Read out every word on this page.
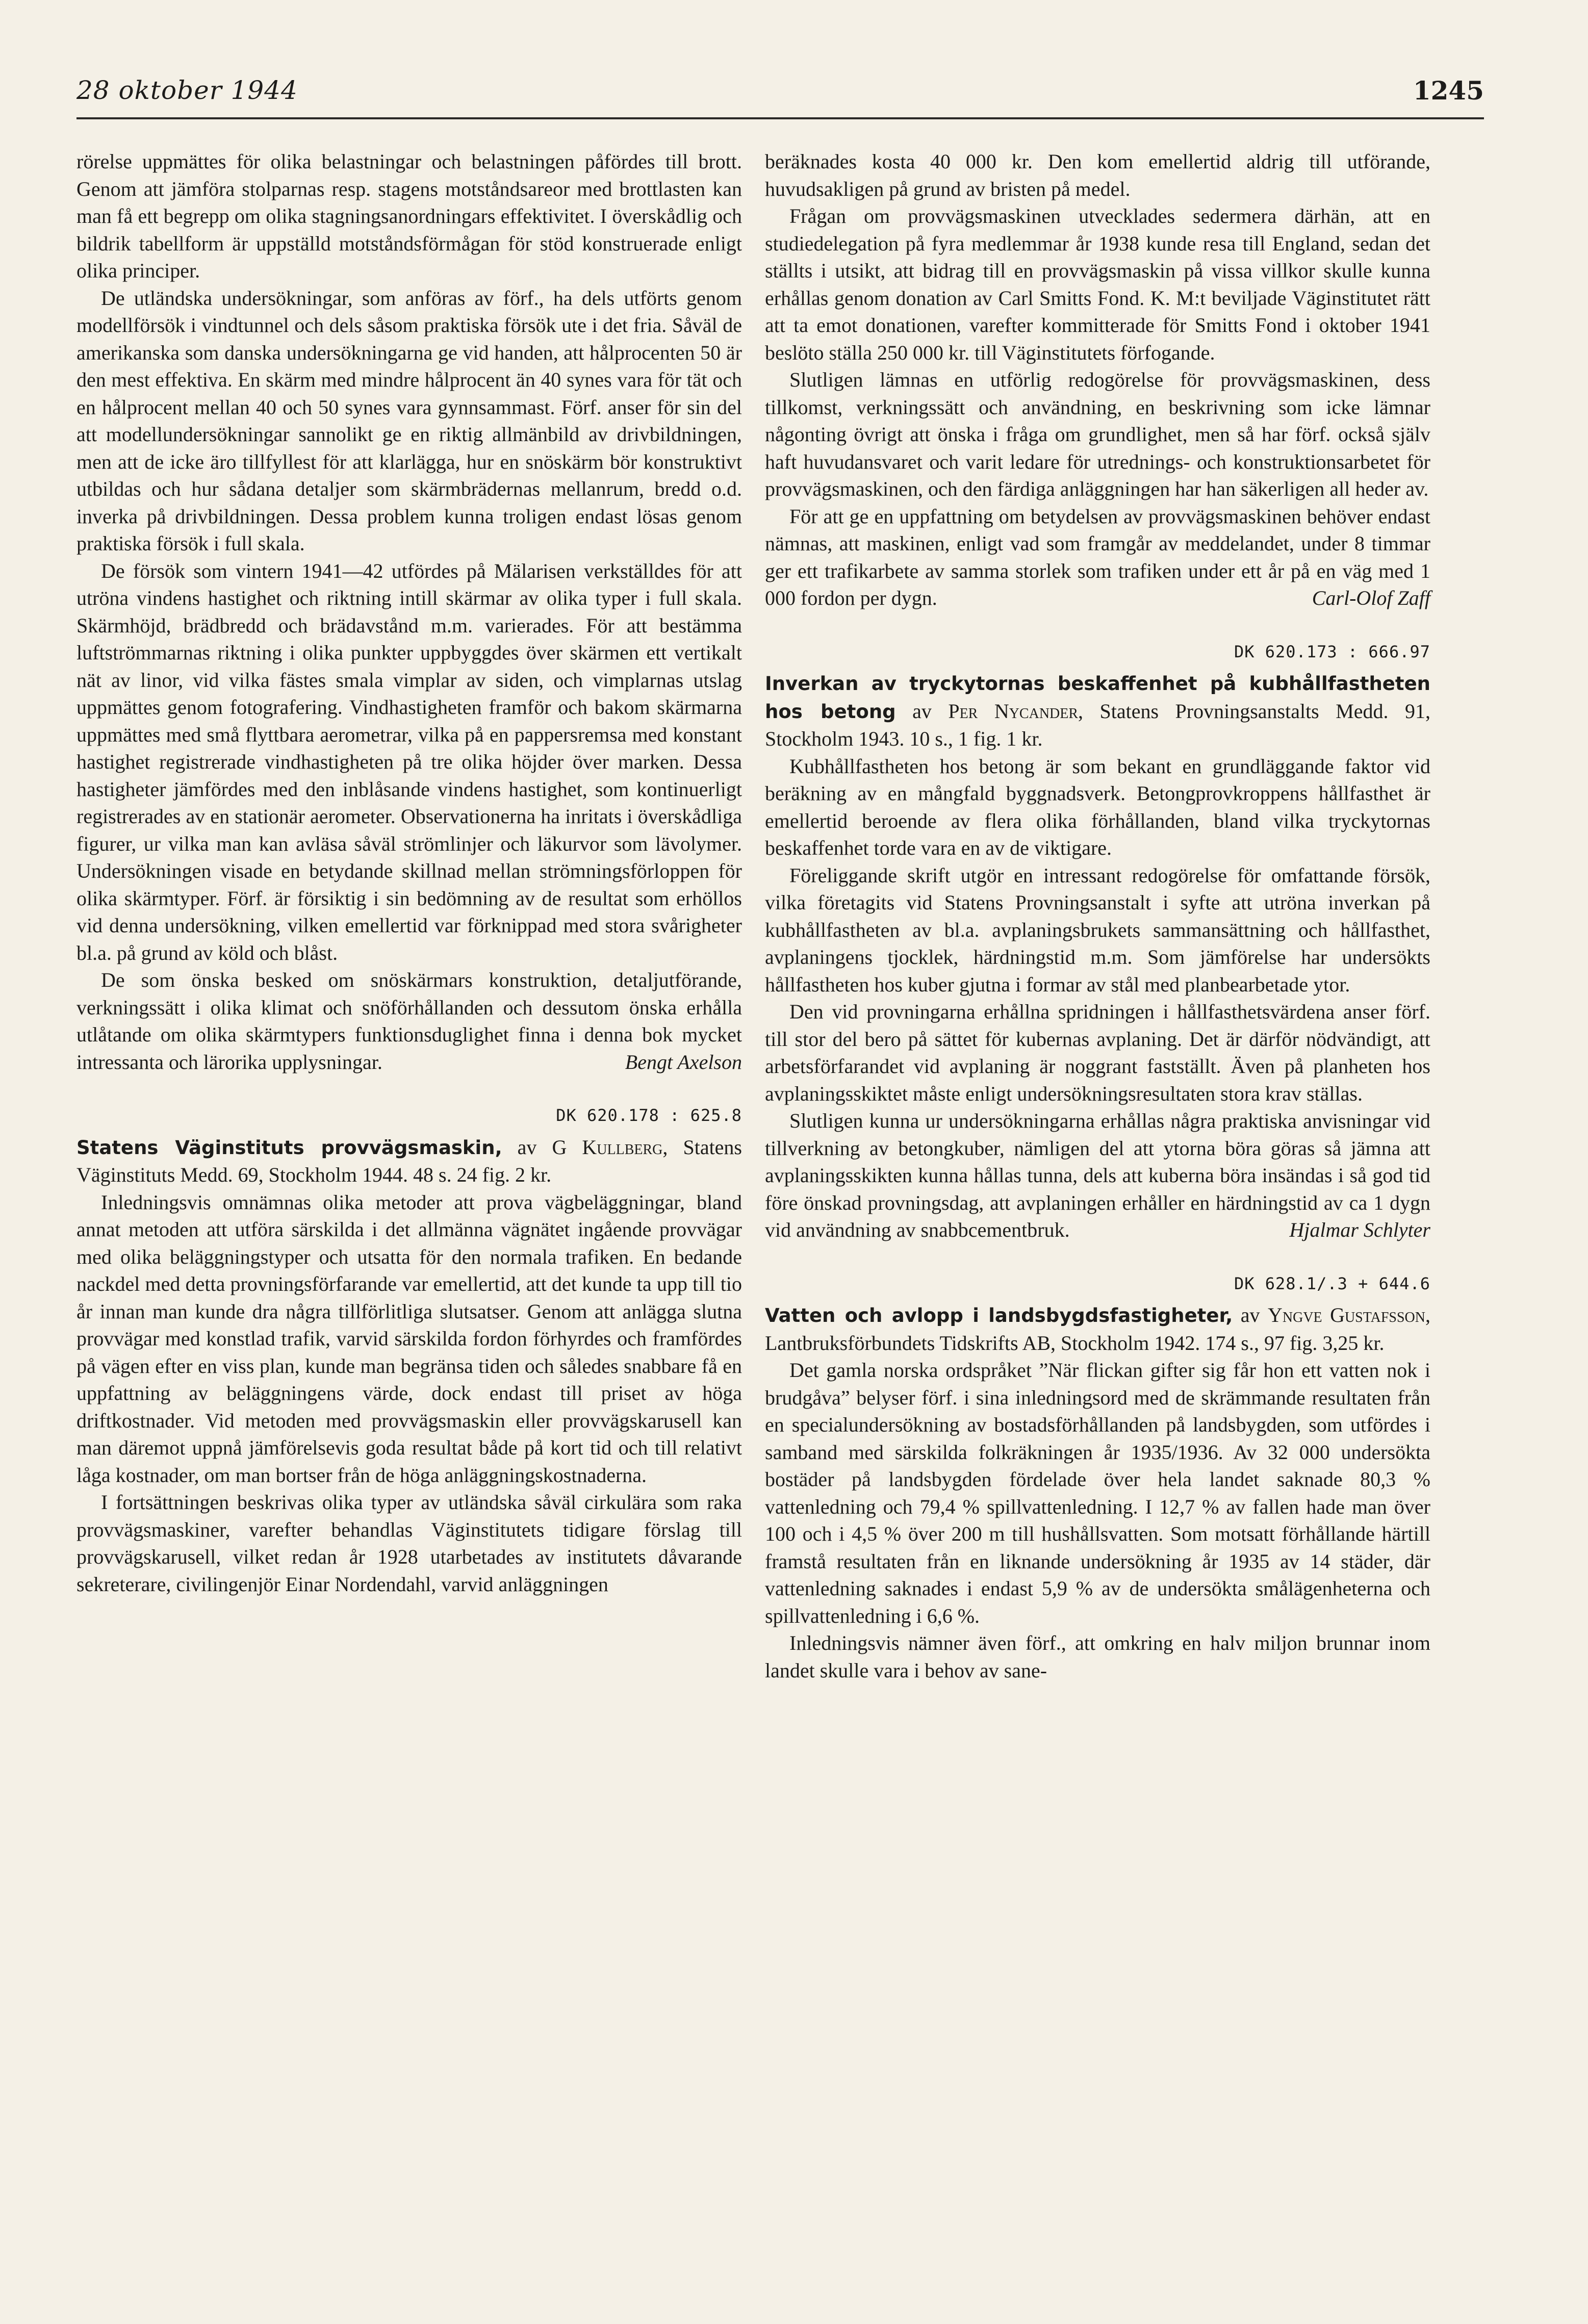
28 oktober 1944	1245

rörelse uppmättes för olika belastningar och belastningen påfördes till brott. Genom att jämföra stolparnas resp. stagens motståndsareor med brottlasten kan man få ett begrepp om olika stagningsanordningars effektivitet. I överskådlig och bildrik tabellform är uppställd motståndsförmågan för stöd konstruerade enligt olika principer.

De utländska undersökningar, som anföras av förf., ha dels utförts genom modellförsök i vindtunnel och dels såsom praktiska försök ute i det fria. Såväl de amerikanska som danska undersökningarna ge vid handen, att hålprocenten 50 är den mest effektiva. En skärm med mindre hålprocent än 40 synes vara för tät och en hålprocent mellan 40 och 50 synes vara gynnsammast. Förf. anser för sin del att modellundersökningar sannolikt ge en riktig allmänbild av drivbildningen, men att de icke äro tillfyllest för att klarlägga, hur en snöskärm bör konstruktivt utbildas och hur sådana detaljer som skärmbrädernas mellanrum, bredd o.d. inverka på drivbildningen. Dessa problem kunna troligen endast lösas genom praktiska försök i full skala.

De försök som vintern 1941—42 utfördes på Mälarisen verkställdes för att utröna vindens hastighet och riktning intill skärmar av olika typer i full skala. Skärmhöjd, brädbredd och brädavstånd m.m. varierades. För att bestämma luftströmmarnas riktning i olika punkter uppbyggdes över skärmen ett vertikalt nät av linor, vid vilka fästes smala vimplar av siden, och vimplarnas utslag uppmättes genom fotografering. Vindhastigheten framför och bakom skärmarna uppmättes med små flyttbara aerometrar, vilka på en pappersremsa med konstant hastighet registrerade vindhastigheten på tre olika höjder över marken. Dessa hastigheter jämfördes med den inblåsande vindens hastighet, som kontinuerligt registrerades av en stationär aerometer. Observationerna ha inritats i överskådliga figurer, ur vilka man kan avläsa såväl strömlinjer och läkurvor som lävolymer. Undersökningen visade en betydande skillnad mellan strömningsförloppen för olika skärmtyper. Förf. är försiktig i sin bedömning av de resultat som erhöllos vid denna undersökning, vilken emellertid var förknippad med stora svårigheter bl.a. på grund av köld och blåst.

De som önska besked om snöskärmars konstruktion, detaljutförande, verkningssätt i olika klimat och snöförhållanden och dessutom önska erhålla utlåtande om olika skärmtypers funktionsduglighet finna i denna bok mycket intressanta och lärorika upplysningar.	Bengt Axelson

DK 620.178 : 625.8

Statens Väginstituts provvägsmaskin, av G Kullberg, Statens Väginstituts Medd. 69, Stockholm 1944. 48 s. 24 fig. 2 kr.

Inledningsvis omnämnas olika metoder att prova vägbeläggningar, bland annat metoden att utföra särskilda i det allmänna vägnätet ingående provvägar med olika beläggningstyper och utsatta för den normala trafiken. En bedande nackdel med detta provningsförfarande var emellertid, att det kunde ta upp till tio år innan man kunde dra några tillförlitliga slutsatser. Genom att anlägga slutna provvägar med konstlad trafik, varvid särskilda fordon förhyrdes och framfördes på vägen efter en viss plan, kunde man begränsa tiden och således snabbare få en uppfattning av beläggningens värde, dock endast till priset av höga driftkostnader. Vid metoden med provvägsmaskin eller provvägskarusell kan man däremot uppnå jämförelsevis goda resultat både på kort tid och till relativt låga kostnader, om man bortser från de höga anläggningskostnaderna.

I fortsättningen beskrivas olika typer av utländska såväl cirkulära som raka provvägsmaskiner, varefter behandlas Väginstitutets tidigare förslag till provvägskarusell, vilket redan år 1928 utarbetades av institutets dåvarande sekreterare, civilingenjör Einar Nordendahl, varvid anläggningen

beräknades kosta 40 000 kr. Den kom emellertid aldrig till utförande, huvudsakligen på grund av bristen på medel.

Frågan om provvägsmaskinen utvecklades sedermera därhän, att en studiedelegation på fyra medlemmar år 1938 kunde resa till England, sedan det ställts i utsikt, att bidrag till en provvägsmaskin på vissa villkor skulle kunna erhållas genom donation av Carl Smitts Fond. K. M:t beviljade Väginstitutet rätt att ta emot donationen, varefter kommitterade för Smitts Fond i oktober 1941 beslöto ställa 250 000 kr. till Väginstitutets förfogande.

Slutligen lämnas en utförlig redogörelse för provvägsmaskinen, dess tillkomst, verkningssätt och användning, en beskrivning som icke lämnar någonting övrigt att önska i fråga om grundlighet, men så har förf. också själv haft huvudansvaret och varit ledare för utrednings- och konstruktionsarbetet för provvägsmaskinen, och den färdiga anläggningen har han säkerligen all heder av.

För att ge en uppfattning om betydelsen av provvägsmaskinen behöver endast nämnas, att maskinen, enligt vad som framgår av meddelandet, under 8 timmar ger ett trafikarbete av samma storlek som trafiken under ett år på en väg med 1 000 fordon per dygn.	Carl-Olof Zaff

DK 620.173 : 666.97

Inverkan av tryckytornas beskaffenhet på kubhållfastheten hos betong av Per Nycander, Statens Provningsanstalts Medd. 91, Stockholm 1943. 10 s., 1 fig. 1 kr.

Kubhållfastheten hos betong är som bekant en grundläggande faktor vid beräkning av en mångfald byggnadsverk. Betongprovkroppens hållfasthet är emellertid beroende av flera olika förhållanden, bland vilka tryckytornas beskaffenhet torde vara en av de viktigare.

Föreliggande skrift utgör en intressant redogörelse för omfattande försök, vilka företagits vid Statens Provningsanstalt i syfte att utröna inverkan på kubhållfastheten av bl.a. avplaningsbrukets sammansättning och hållfasthet, avplaningens tjocklek, härdningstid m.m. Som jämförelse har undersökts hållfastheten hos kuber gjutna i formar av stål med planbearbetade ytor.

Den vid provningarna erhållna spridningen i hållfasthetsvärdena anser förf. till stor del bero på sättet för kubernas avplaning. Det är därför nödvändigt, att arbetsförfarandet vid avplaning är noggrant fastställt. Även på planheten hos avplaningsskiktet måste enligt undersökningsresultaten stora krav ställas.

Slutligen kunna ur undersökningarna erhållas några praktiska anvisningar vid tillverkning av betongkuber, nämligen del att ytorna böra göras så jämna att avplaningsskikten kunna hållas tunna, dels att kuberna böra insändas i så god tid före önskad provningsdag, att avplaningen erhåller en härdningstid av ca 1 dygn vid användning av snabbcementbruk.	Hjalmar Schlyter

DK 628.1/.3 + 644.6

Vatten och avlopp i landsbygdsfastigheter, av Yngve Gustafsson, Lantbruksförbundets Tidskrifts AB, Stockholm 1942. 174 s., 97 fig. 3,25 kr.

Det gamla norska ordspråket ”När flickan gifter sig får hon ett vatten nok i brudgåva” belyser förf. i sina inledningsord med de skrämmande resultaten från en specialundersökning av bostadsförhållanden på landsbygden, som utfördes i samband med särskilda folkräkningen år 1935/1936. Av 32 000 undersökta bostäder på landsbygden fördelade över hela landet saknade 80,3 % vattenledning och 79,4 % spillvattenledning. I 12,7 % av fallen hade man över 100 och i 4,5 % över 200 m till hushållsvatten. Som motsatt förhållande härtill framstå resultaten från en liknande undersökning år 1935 av 14 städer, där vattenledning saknades i endast 5,9 % av de undersökta smålägenheterna och spillvattenledning i 6,6 %.

Inledningsvis nämner även förf., att omkring en halv miljon brunnar inom landet skulle vara i behov av sane-
